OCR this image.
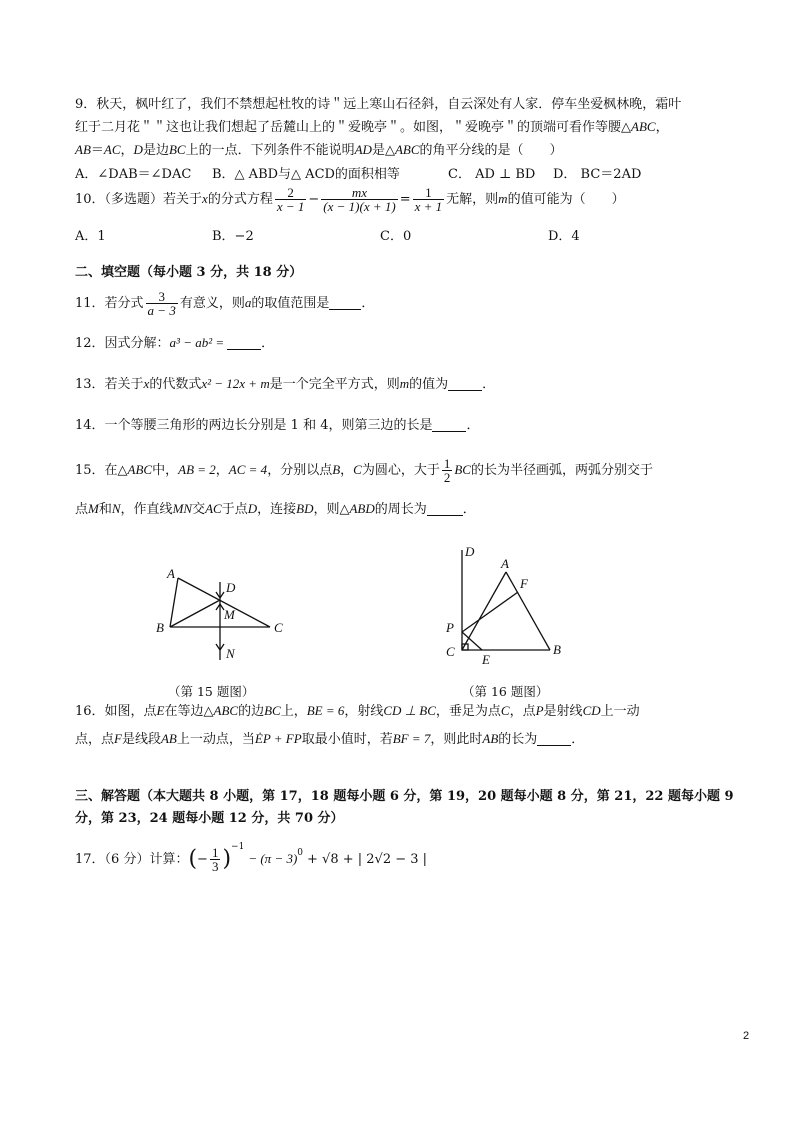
9．秋天，枫叶红了，我们不禁想起杜牧的诗＂远上寒山石径斜，自云深处有人家．停车坐爱枫林晚，霜叶
红于二月花＂＂这也让我们想起了岳麓山上的＂爱晚亭＂。如图，＂爱晚亭＂的顶端可看作等腰△ABC，
AB＝AC，D是边BC上的一点．下列条件不能说明AD是△ABC的角平分线的是（　　）
A．∠DAB＝∠DAC B．△ ABD与△ ACD的面积相等	C． AD ⊥ BD D． BC＝2AD
10．（多选题）若关于x的分式方程 $\frac{2}{x - 1} - \frac{mx}{(x - 1)(x + 1)} = \frac{1}{x + 1}$ 无解，则m的值可能为（　　）
A．1	B．−2	C．0	D．4
二、填空题（每小题 3 分，共 18 分）
11．若分式 $\frac{3}{a - 3}$ 有意义，则a的取值范围是 ．
12．因式分解：a³ − ab² =	．
13．若关于x的代数式x² − 12x + m是一个完全平方式，则m的值为	．
14．一个等腰三角形的两边长分别是 1 和 4，则第三边的长是	．
15．在△ABC中，AB = 2，AC = 4，分别以点B，C为圆心，大于 $\frac{1}{2}$ BC的长为半径画弧，两弧分别交于
点M和N，作直线MN交AC于点D，连接BD，则△ABD的周长为	．
A
B	C
D
M
N
（第 15 题图）
D
A
F
P
C
E
B
（第 16 题图）
16．如图，点E在等边△ABC的边BC上，BE = 6，射线CD ⊥ BC，垂足为点C，点P是射线CD上一动
点，点F是线段AB上一动点，当ĖP + FP取最小值时，若BF = 7，则此时AB的长为	．
三、解答题（本大题共 8 小题，第 17，18 题每小题 6 分，第 19，20 题每小题 8 分，第 21，22 题每小题 9
分，第 23，24 题每小题 12 分，共 70 分）
17．（6 分）计算：(− $\frac{1}{3} )^{-1}- (\pi - 3)^0 + √8$ + | 2√2 − 3 |
2
